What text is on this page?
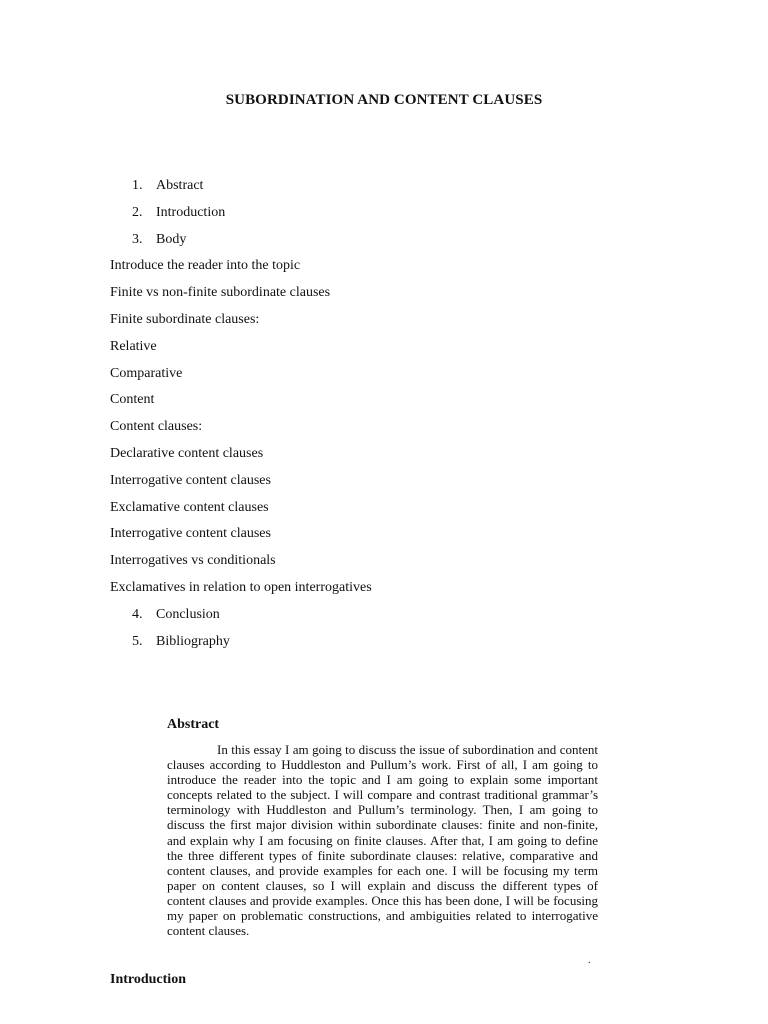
SUBORDINATION AND CONTENT CLAUSES
1. Abstract
2. Introduction
3. Body
Introduce the reader into the topic
Finite vs non-finite subordinate clauses
Finite subordinate clauses:
Relative
Comparative
Content
Content clauses:
Declarative content clauses
Interrogative content clauses
Exclamative content clauses
Interrogative content clauses
Interrogatives vs conditionals
Exclamatives in relation to open interrogatives
4. Conclusion
5. Bibliography
Abstract

In this essay I am going to discuss the issue of subordination and content clauses according to Huddleston and Pullum’s work. First of all, I am going to introduce the reader into the topic and I am going to explain some important concepts related to the subject. I will compare and contrast traditional grammar’s terminology with Huddleston and Pullum’s terminology. Then, I am going to discuss the first major division within subordinate clauses: finite and non-finite, and explain why I am focusing on finite clauses. After that, I am going to define the three different types of finite subordinate clauses: relative, comparative and content clauses, and provide examples for each one. I will be focusing my term paper on content clauses, so I will explain and discuss the different types of content clauses and provide examples. Once this has been done, I will be focusing my paper on problematic constructions, and ambiguities related to interrogative content clauses.

.
Introduction
